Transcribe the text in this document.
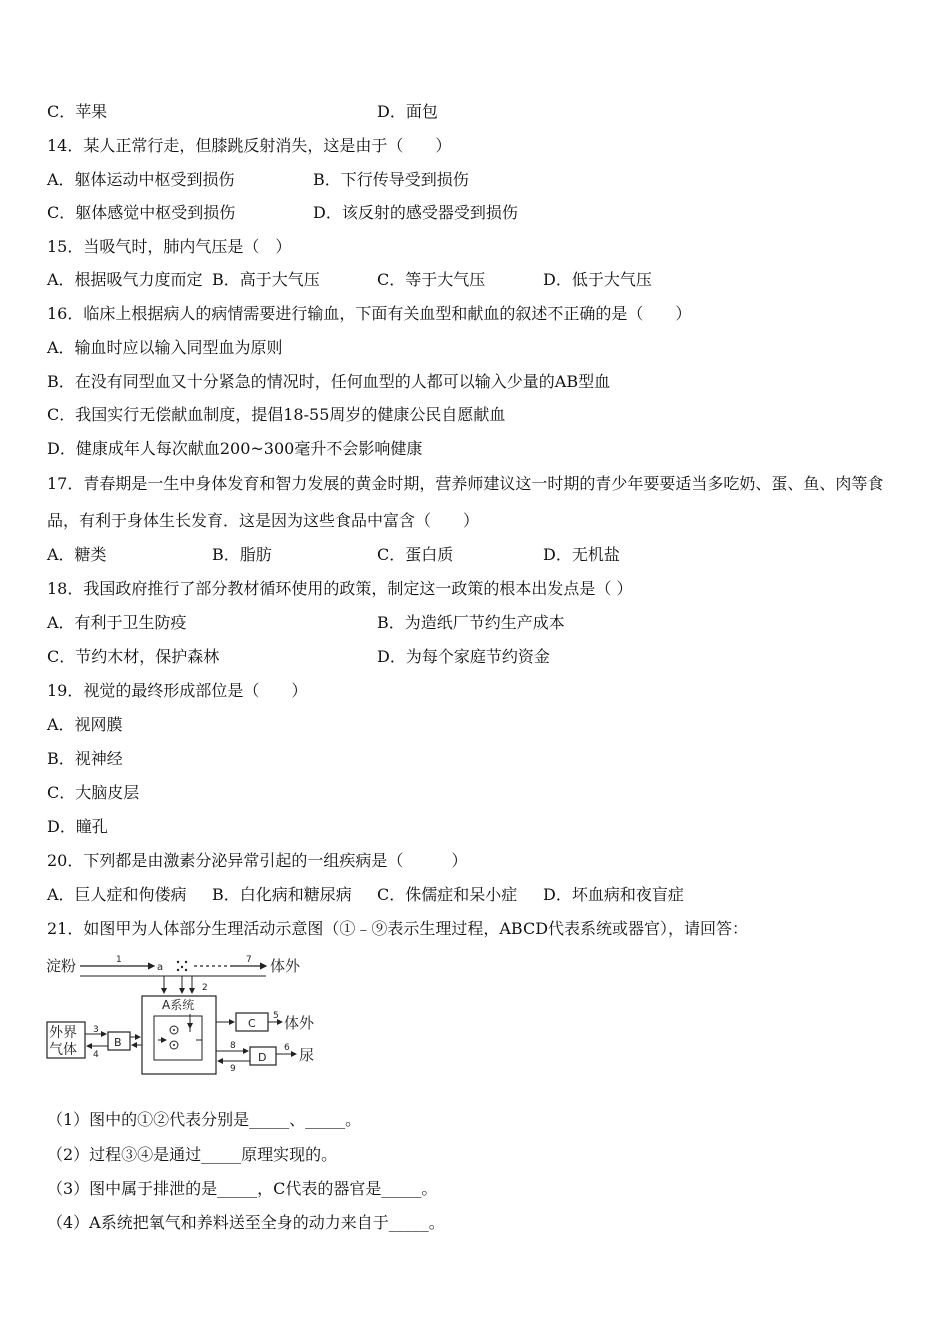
C．苹果	D．面包
14．某人正常行走，但膝跳反射消失，这是由于（　　）
A．躯体运动中枢受到损伤	B．下行传导受到损伤
C．躯体感觉中枢受到损伤	D．该反射的感受器受到损伤
15．当吸气时，肺内气压是（　）
A．根据吸气力度而定 B．高于大气压	C．等于大气压	D．低于大气压
16．临床上根据病人的病情需要进行输血，下面有关血型和献血的叙述不正确的是（　　）
A．输血时应以输入同型血为原则
B．在没有同型血又十分紧急的情况时，任何血型的人都可以输入少量的AB型血
C．我国实行无偿献血制度，提倡18-55周岁的健康公民自愿献血
D．健康成年人每次献血200~300毫升不会影响健康
17．青春期是一生中身体发育和智力发展的黄金时期，营养师建议这一时期的青少年要要适当多吃奶、蛋、鱼、肉等食
品，有利于身体生长发育．这是因为这些食品中富含（　　）
A．糖类	B．脂肪	C．蛋白质	D．无机盐
18．我国政府推行了部分教材循环使用的政策，制定这一政策的根本出发点是（ ）
A．有利于卫生防疫	B．为造纸厂节约生产成本
C．节约木材，保护森林	D．为每个家庭节约资金
19．视觉的最终形成部位是（　　）
A．视网膜
B．视神经
C．大脑皮层
D．瞳孔
20．下列都是由激素分泌异常引起的一组疾病是（　　　）
A．巨人症和佝偻病 B．白化病和糖尿病 C．侏儒症和呆小症 D．坏血病和夜盲症
21．如图甲为人体部分生理活动示意图（①﹣⑨表示生理过程，ABCD代表系统或器官），请回答：
淀粉	1
a
7 体外
2
A系统
外界
气体
3
4
B
C
5 体外
8
9
D
6 尿
（1）图中的①②代表分别是_____、_____。
（2）过程③④是通过_____原理实现的。
（3）图中属于排泄的是_____，C代表的器官是_____。
（4）A系统把氧气和养料送至全身的动力来自于_____。
